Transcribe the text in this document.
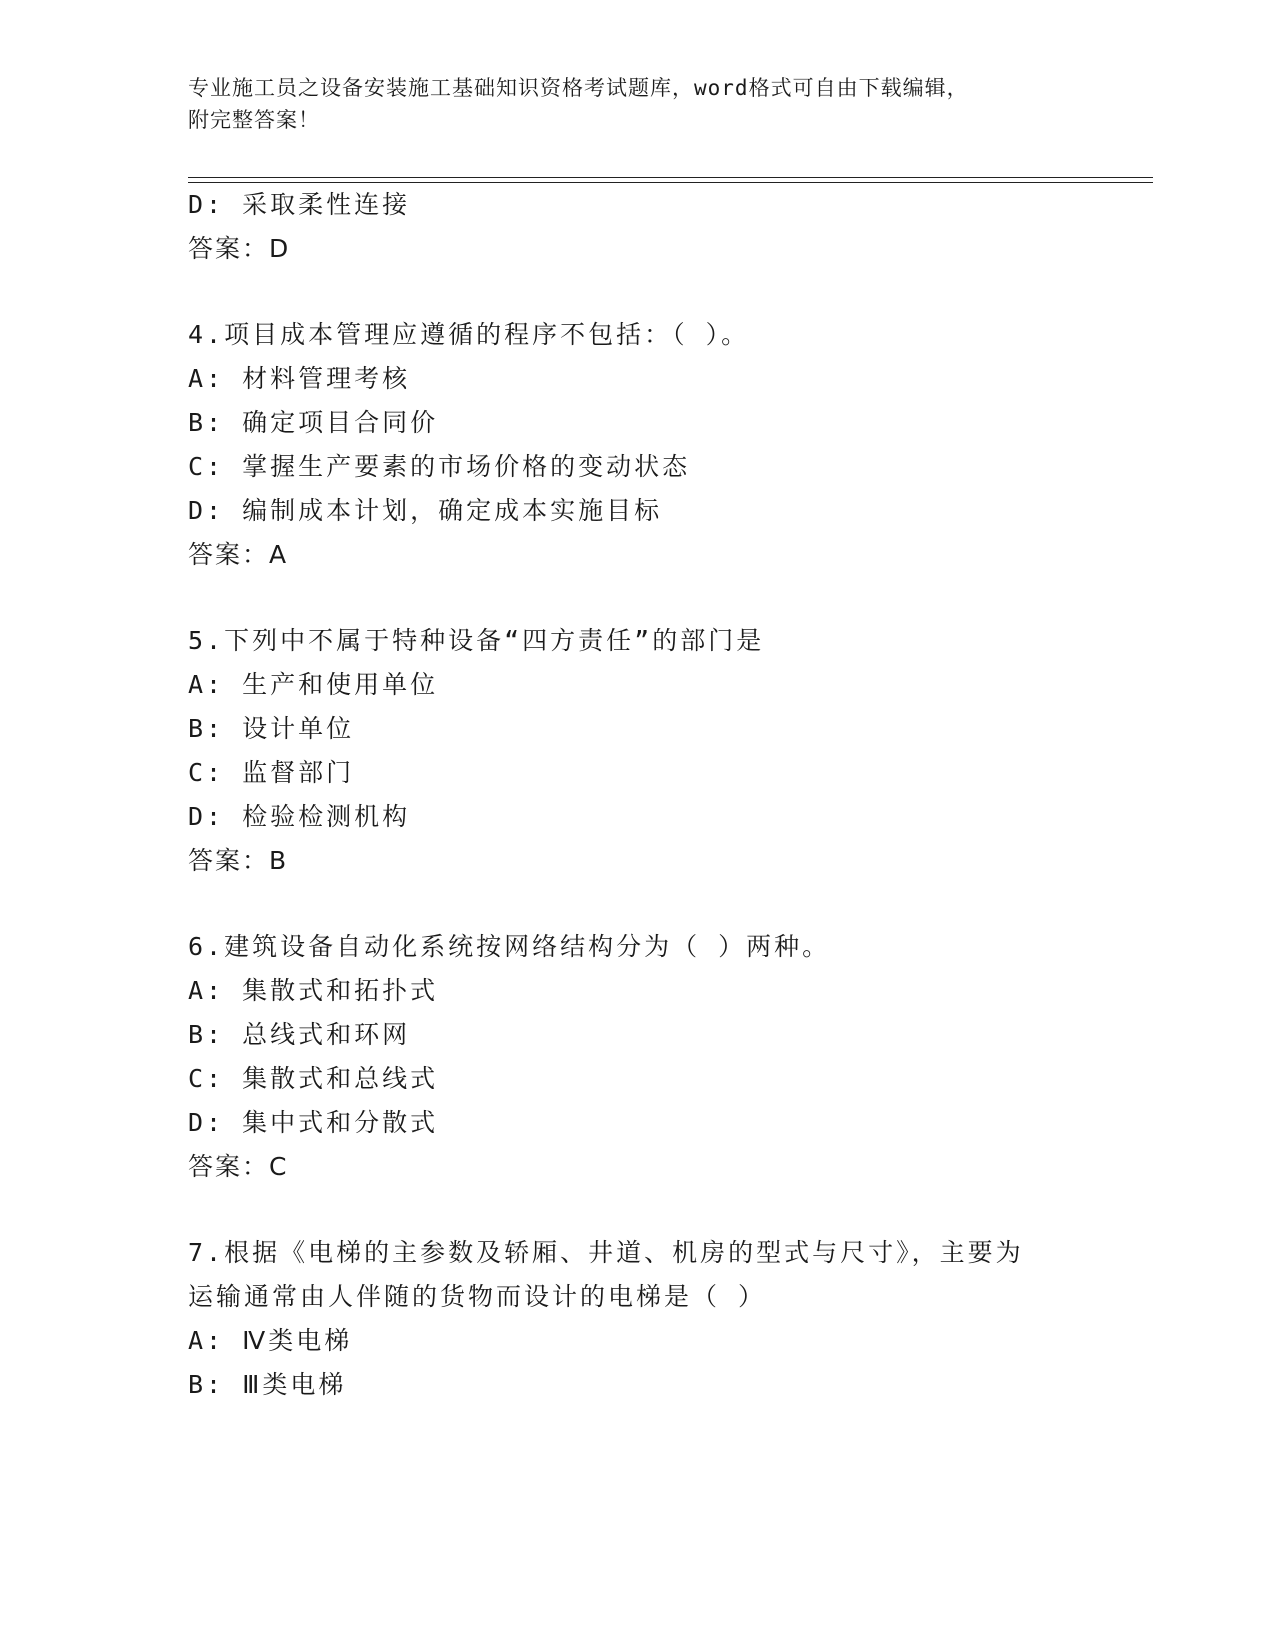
专业施工员之设备安装施工基础知识资格考试题库，word格式可自由下载编辑，
附完整答案！
D: 采取柔性连接
答案：D
4.项目成本管理应遵循的程序不包括：（ ）。
A: 材料管理考核
B: 确定项目合同价
C: 掌握生产要素的市场价格的变动状态
D: 编制成本计划，确定成本实施目标
答案：A
5.下列中不属于特种设备“四方责任”的部门是
A: 生产和使用单位
B: 设计单位
C: 监督部门
D: 检验检测机构
答案：B
6.建筑设备自动化系统按网络结构分为（ ）两种。
A: 集散式和拓扑式
B: 总线式和环网
C: 集散式和总线式
D: 集中式和分散式
答案：C
7.根据《电梯的主参数及轿厢、井道、机房的型式与尺寸》，主要为
运输通常由人伴随的货物而设计的电梯是（ ）
A: Ⅳ类电梯
B: Ⅲ类电梯
